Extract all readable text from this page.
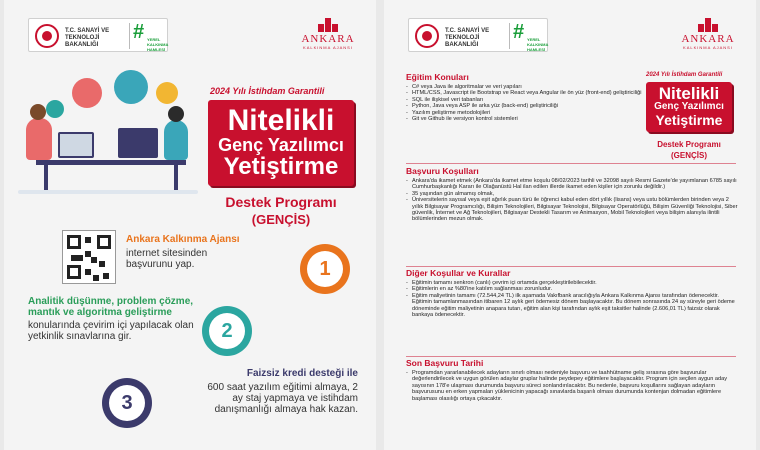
T.C. SANAYİ VE TEKNOLOJİ BAKANLIĞI
# YEREL KALKINMA HAMLESİ
ANKARA
KALKINMA AJANSI
2024 Yılı İstihdam Garantili
Nitelikli
Genç Yazılımcı
Yetiştirme
Destek Programı
(GENÇİS)
Ankara Kalkınma Ajansı
internet sitesinden başvurunu yap.	1
Analitik düşünme, problem çözme, mantık ve algoritma geliştirme
konularında çevirim içi yapılacak olan yetkinlik sınavlarına gir.	2
3
Faizsiz kredi desteği ile
600 saat yazılım eğitimi almaya, 2 ay staj yapmaya ve istihdam danışmanlığı almaya hak kazan.
T.C. SANAYİ VE TEKNOLOJİ BAKANLIĞI
# YEREL KALKINMA HAMLESİ
ANKARA
KALKINMA AJANSI
2024 Yılı İstihdam Garantili
Nitelikli
Genç Yazılımcı
Yetiştirme
Destek Programı
(GENÇİS)
Eğitim Konuları
- C# veya Java ile algoritmalar ve veri yapıları
- HTML/CSS, Javascript ile Bootstrap ve React veya Angular ile ön yüz (front-end) geliştiriciliği
- SQL ile ilişkisel veri tabanları
- Python, Java veya ASP ile arka yüz (back-end) geliştiriciliği
- Yazılım geliştirme metodolojileri
- Git ve Github ile versiyon kontrol sistemleri
Başvuru Koşulları
- Ankara'da ikamet etmek (Ankara'da ikamet etme koşulu 08/02/2023 tarihli ve 32098 sayılı Resmi Gazete'de yayımlanan 6785 sayılı Cumhurbaşkanlığı Kararı ile Olağanüstü Hal ilan edilen illerde ikamet eden kişiler için zorunlu değildir.)
- 35 yaşından gün almamış olmak,
- Üniversitelerin sayısal veya eşit ağırlık puan türü ile öğrenci kabul eden dört yıllık (lisans) veya ustu bölümlerden birinden veya 2 yıllık Bilgisayar Programcılığı, Bilişim Teknolojileri, Bilgisayar Teknolojisi, Bilgisayar Operatörlüğü, Bilişim Güvenliği Teknolojisi, Siber güvenlik, İnternet ve Ağ Teknolojileri, Bilgisayar Destekli Tasarım ve Animasyon, Mobil Teknolojileri veya bilişim alanıyla ilintili bölümlerinden mezun olmak.
Diğer Koşullar ve Kurallar
- Eğitimin tamamı senkron (canlı) çevrim içi ortamda gerçekleştirilebilecektir.
- Eğitimlerin en az %80'ine katılım sağlanması zorunludur.
- Eğitim maliyetinin tamamı (72.544,24 TL) ilk aşamada Vakıfbank aracılığıyla Ankara Kalkınma Ajansı tarafından ödenecektir. Eğitimin tamamlanmasından itibaren 12 aylık geri ödemesiz dönem başlayacaktır. Bu dönem sonrasında 24 ay süreyle geri ödeme döneminde eğitim maliyetinin anapara tutarı, eğitim alan kişi tarafından aylık eşit taksitler halinde (2.606,01 TL) faizsiz olarak bankaya ödenecektir.
Son Başvuru Tarihi
- Programdan yararlanabilecek adayların sınırlı olması nedeniyle başvuru ve taahhütname geliş sırasına göre başvurular değerlendirilecek ve uygun görülen adaylar gruplar halinde peydepey eğitimlere başlayacaktır. Program için seçilen aygun aday sayısının 178'e ulaşması durumunda başvuru süreci sonlandırılacaktır. Bu nedenle, başvuru koşullarını sağlayan adayların başvurusunu en erken yapmaları yüklenicinin yapacağı sınavlarda başarılı olması durumunda kontenjan dolmadan eğitimlere başlaması olasılığı ortaya çıkacaktır.
